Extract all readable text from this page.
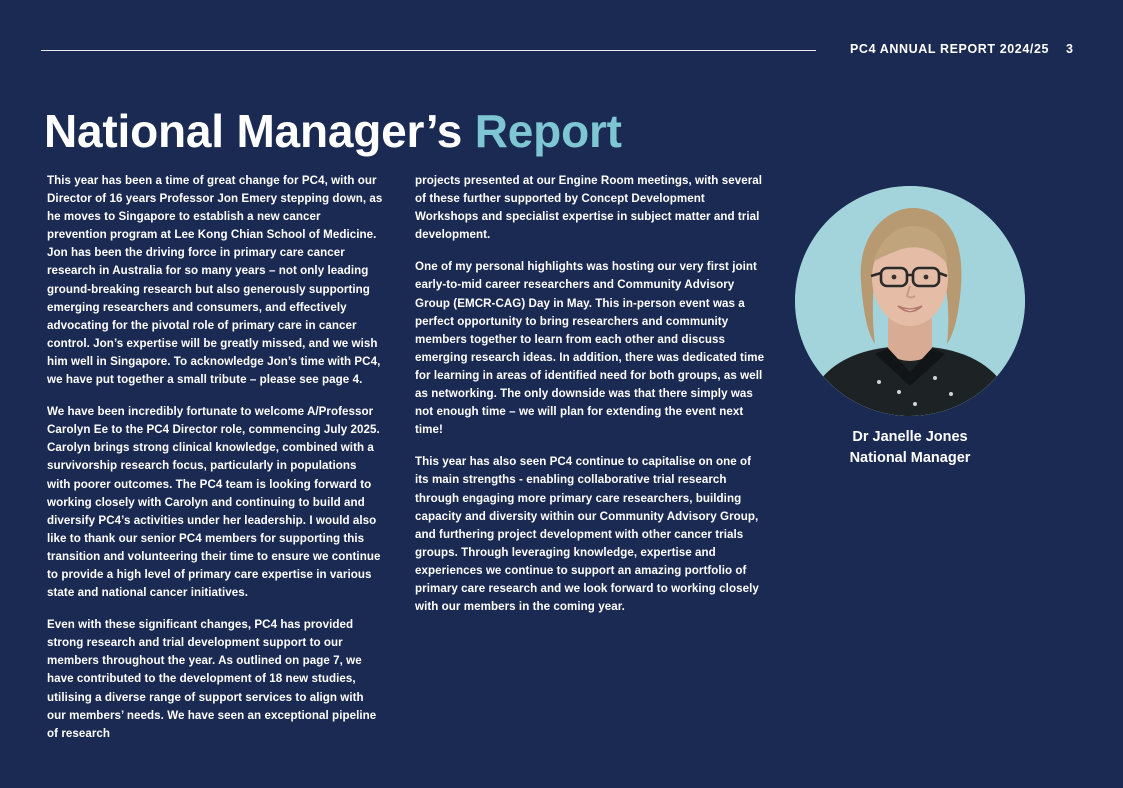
PC4 ANNUAL REPORT 2024/25 3
National Manager’s Report

This year has been a time of great change for PC4, with our Director of 16 years Professor Jon Emery stepping down, as he moves to Singapore to establish a new cancer prevention program at Lee Kong Chian School of Medicine. Jon has been the driving force in primary care cancer research in Australia for so many years – not only leading ground-breaking research but also generously supporting emerging researchers and consumers, and effectively advocating for the pivotal role of primary care in cancer control. Jon’s expertise will be greatly missed, and we wish him well in Singapore. To acknowledge Jon’s time with PC4, we have put together a small tribute – please see page 4.

We have been incredibly fortunate to welcome A/Professor Carolyn Ee to the PC4 Director role, commencing July 2025. Carolyn brings strong clinical knowledge, combined with a survivorship research focus, particularly in populations with poorer outcomes. The PC4 team is looking forward to working closely with Carolyn and continuing to build and diversify PC4’s activities under her leadership. I would also like to thank our senior PC4 members for supporting this transition and volunteering their time to ensure we continue to provide a high level of primary care expertise in various state and national cancer initiatives.

Even with these significant changes, PC4 has provided strong research and trial development support to our members throughout the year. As outlined on page 7, we have contributed to the development of 18 new studies, utilising a diverse range of support services to align with our members’ needs. We have seen an exceptional pipeline of research

projects presented at our Engine Room meetings, with several of these further supported by Concept Development Workshops and specialist expertise in subject matter and trial development.

One of my personal highlights was hosting our very first joint early-to-mid career researchers and Community Advisory Group (EMCR-CAG) Day in May. This in-person event was a perfect opportunity to bring researchers and community members together to learn from each other and discuss emerging research ideas. In addition, there was dedicated time for learning in areas of identified need for both groups, as well as networking. The only downside was that there simply was not enough time – we will plan for extending the event next time!

This year has also seen PC4 continue to capitalise on one of its main strengths - enabling collaborative trial research through engaging more primary care researchers, building capacity and diversity within our Community Advisory Group, and furthering project development with other cancer trials groups. Through leveraging knowledge, expertise and experiences we continue to support an amazing portfolio of primary care research and we look forward to working closely with our members in the coming year.

Dr Janelle Jones
National Manager
